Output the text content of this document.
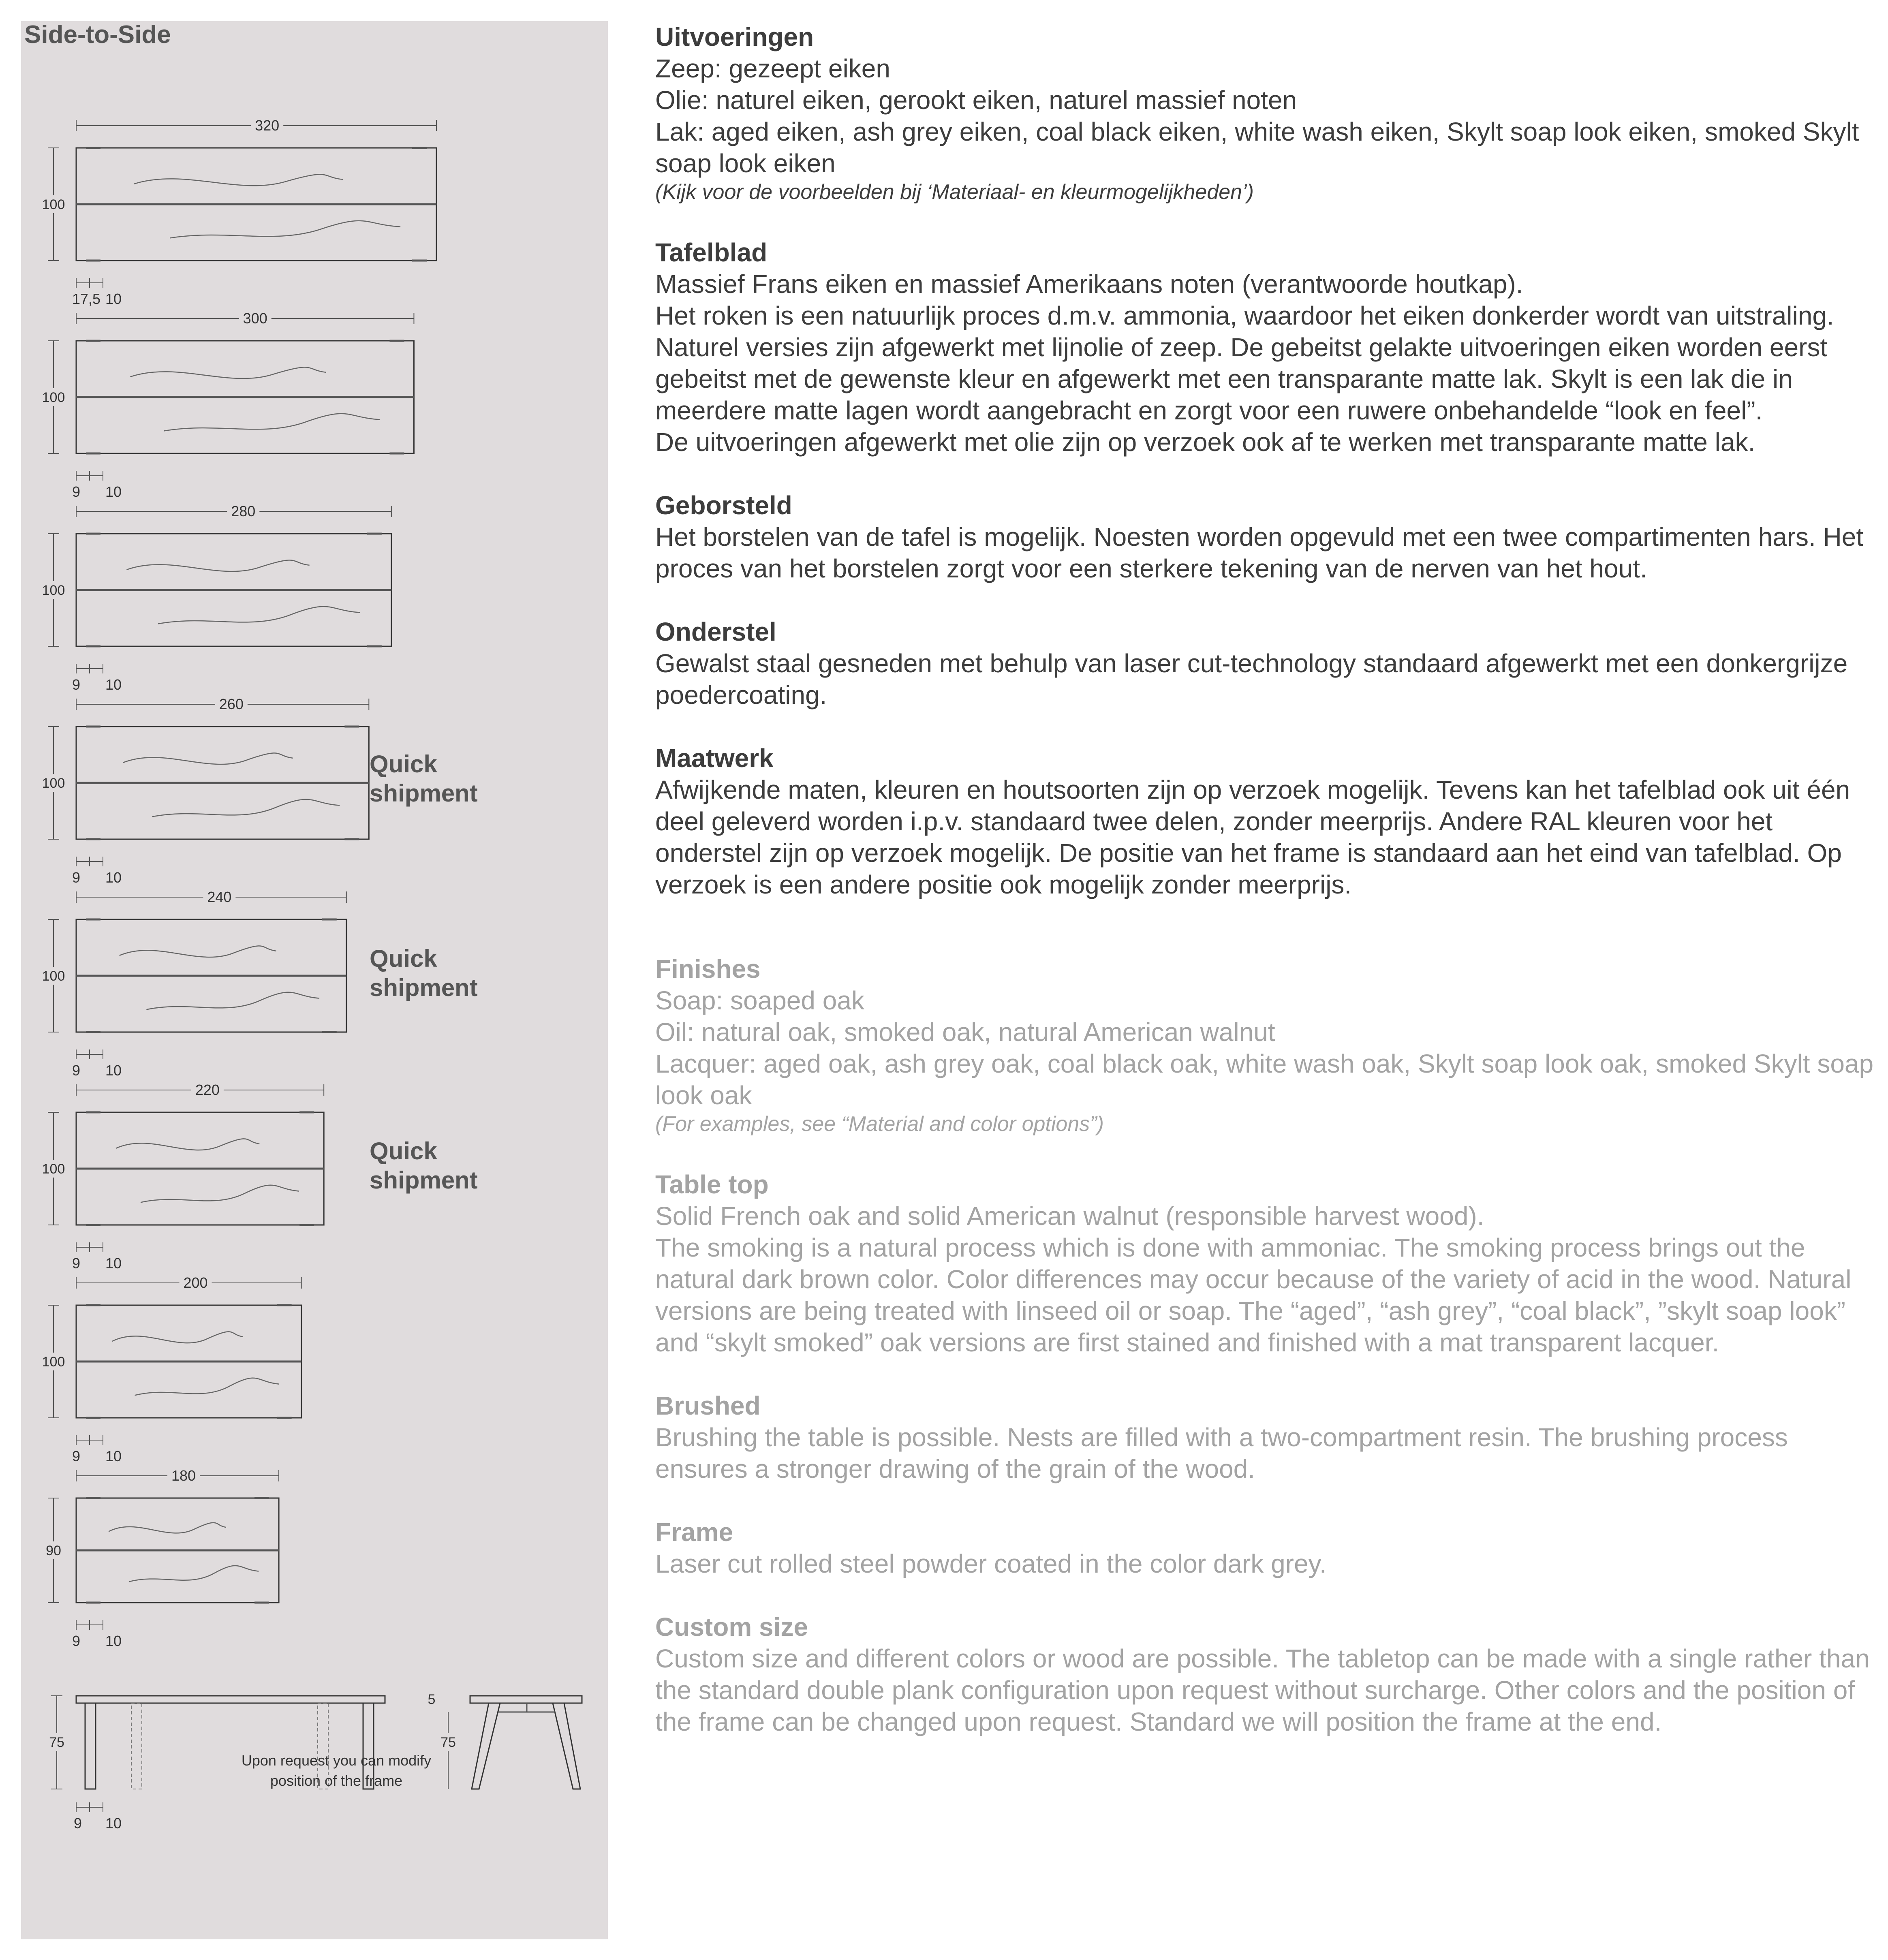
320
100
17,5 10
300
100
9 10
280
100
9 10
260
100
9 10
240
100
9 10
220
100
9 10
200
100
9 10
180
90
9 10
75
9 10
5
75
Side-to-Side

Quick
shipment

Quick
shipment

Quick
shipment

Upon request you can modify
position of the frame

Uitvoeringen

Zeep: gezeept eiken

Olie: naturel eiken, gerookt eiken, naturel massief noten

Lak: aged eiken, ash grey eiken, coal black eiken, white wash eiken, Skylt soap look eiken, smoked Skylt soap look eiken

(Kijk voor de voorbeelden bij ‘Materiaal- en kleurmogelijkheden’)

Tafelblad

Massief Frans eiken en massief Amerikaans noten (verantwoorde houtkap).

Het roken is een natuurlijk proces d.m.v. ammonia, waardoor het eiken donkerder wordt van uitstraling. Naturel versies zijn afgewerkt met lijnolie of zeep. De gebeitst gelakte uitvoeringen eiken worden eerst gebeitst met de gewenste kleur en afgewerkt met een transparante matte lak. Skylt is een lak die in meerdere matte lagen wordt aangebracht en zorgt voor een ruwere onbehandelde “look en feel”.

De uitvoeringen afgewerkt met olie zijn op verzoek ook af te werken met transparante matte lak.

Geborsteld

Het borstelen van de tafel is mogelijk. Noesten worden opgevuld met een twee compartimenten hars. Het proces van het borstelen zorgt voor een sterkere tekening van de nerven van het hout.

Onderstel

Gewalst staal gesneden met behulp van laser cut-technology standaard afgewerkt met een donkergrijze poedercoating.

Maatwerk

Afwijkende maten, kleuren en houtsoorten zijn op verzoek mogelijk. Tevens kan het tafelblad ook uit één deel geleverd worden i.p.v. standaard twee delen, zonder meerprijs. Andere RAL kleuren voor het onderstel zijn op verzoek mogelijk. De positie van het frame is standaard aan het eind van tafelblad. Op verzoek is een andere positie ook mogelijk zonder meerprijs.

Finishes

Soap: soaped oak

Oil: natural oak, smoked oak, natural American walnut

Lacquer: aged oak, ash grey oak, coal black oak, white wash oak, Skylt soap look oak, smoked Skylt soap look oak

(For examples, see “Material and color options”)

Table top

Solid French oak and solid American walnut (responsible harvest wood).

The smoking is a natural process which is done with ammoniac. The smoking process brings out the natural dark brown color. Color differences may occur because of the variety of acid in the wood. Natural versions are being treated with linseed oil or soap. The “aged”, “ash grey”, “coal black”, ”skylt soap look” and “skylt smoked” oak versions are first stained and finished with a mat transparent lacquer.

Brushed

Brushing the table is possible. Nests are filled with a two-compartment resin. The brushing process ensures a stronger drawing of the grain of the wood.

Frame

Laser cut rolled steel powder coated in the color dark grey.

Custom size

Custom size and different colors or wood are possible. The tabletop can be made with a single rather than the standard double plank configuration upon request without surcharge. Other colors and the position of the frame can be changed upon request. Standard we will position the frame at the end.
